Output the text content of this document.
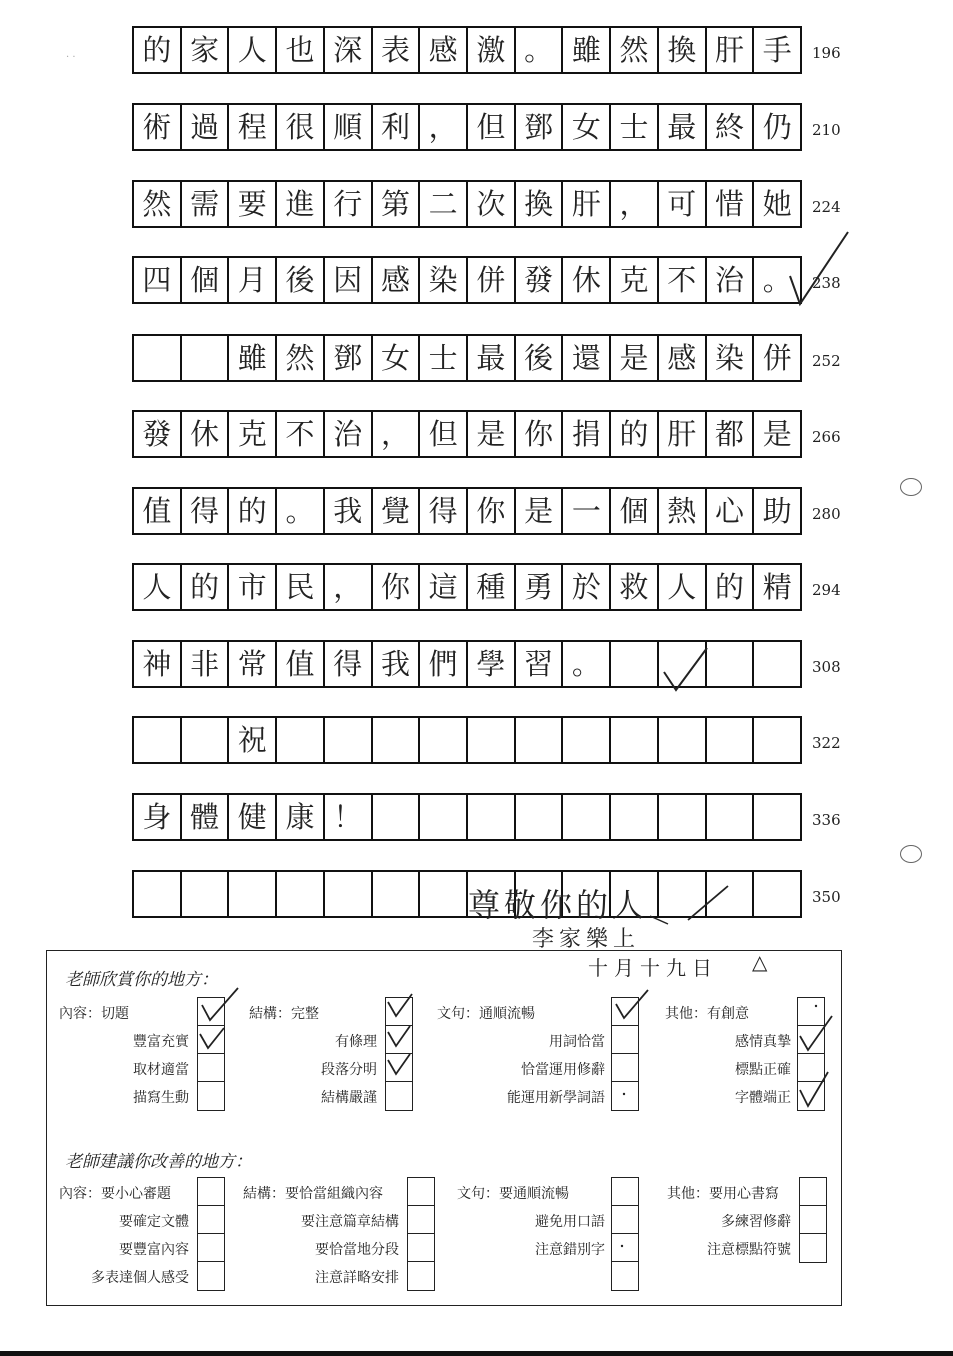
· · 的 家 人 也 深 表 感 激 。 雖 然 換 肝 手	196
術 過 程 很 順 利 ， 但 鄧 女 士 最 終 仍	210
然 需 要 進 行 第 二 次 換 肝 ， 可 惜 她	224
四 個 月 後 因 感 染 併 發 休 克 不 治 。	238
雖 然 鄧 女 士 最 後 還 是 感 染 併	252
發 休 克 不 治 ， 但 是 你 捐 的 肝 都 是	266
值 得 的 。 我 覺 得 你 是 一 個 熱 心 助	280
人 的 市 民 ， 你 這 種 勇 於 救 人 的 精	294
神 非 常 值 得 我 們 學 習 。	308
祝	322
身 體 健 康 ！	336
350
尊敬你的人
李家樂上
十月十九日 △
老師欣賞你的地方：
內容：切題
豐富充實
取材適當
描寫生動
結構：完整
有條理
段落分明
結構嚴謹
文句：通順流暢
用詞恰當
恰當運用修辭
能運用新學詞語
其他：有創意
感情真摯
標點正確
字體端正
老師建議你改善的地方：
內容：要小心審題
要確定文體
要豐富內容
多表達個人感受
結構：要恰當組織內容
要注意篇章結構
要恰當地分段
注意詳略安排
文句：要通順流暢
避免用口語
注意錯別字
其他：要用心書寫
多練習修辭
注意標點符號
